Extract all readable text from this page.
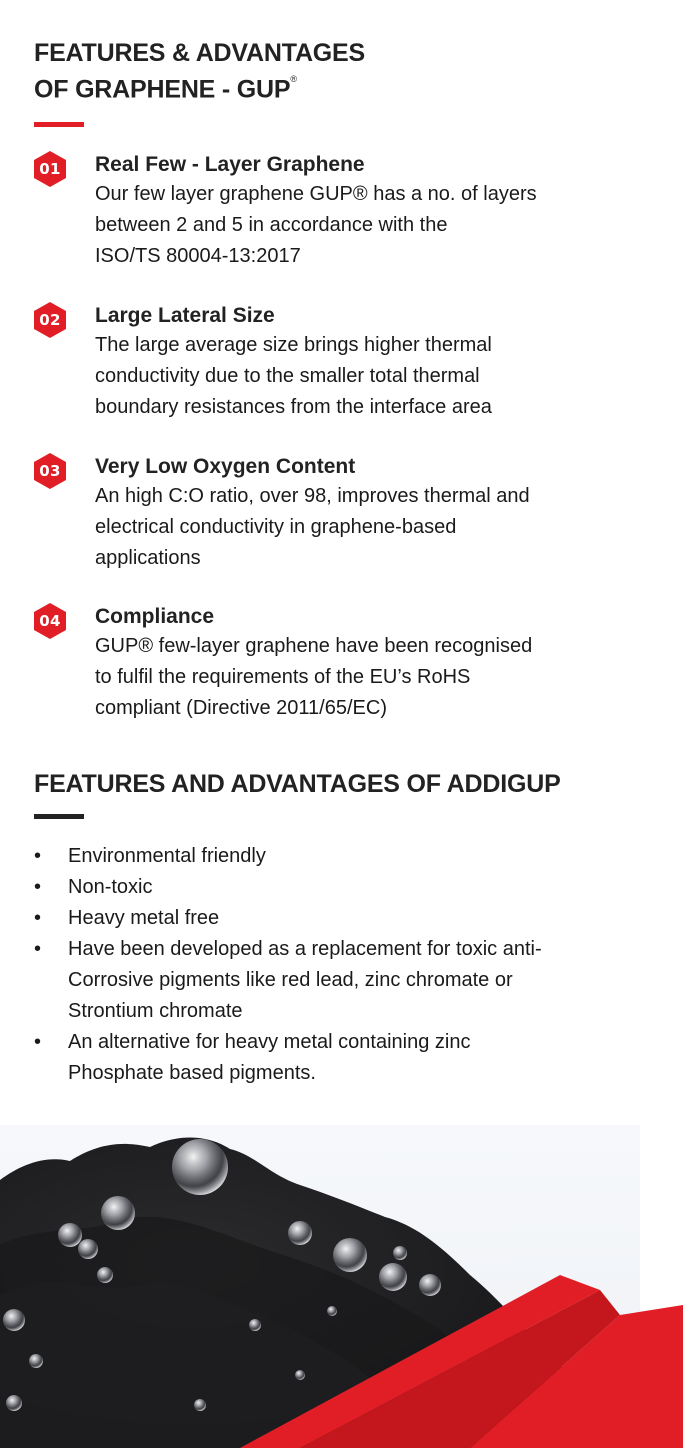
FEATURES & ADVANTAGES
OF GRAPHENE - GUP®
01 Real Few - Layer Graphene

Our few layer graphene GUP® has a no. of layers
between 2 and 5 in accordance with the
ISO/TS 80004-13:2017

02 Large Lateral Size

The large average size brings higher thermal
conductivity due to the smaller total thermal
boundary resistances from the interface area

03 Very Low Oxygen Content

An high C:O ratio, over 98, improves thermal and
electrical conductivity in graphene-based
applications

04 Compliance

GUP® few-layer graphene have been recognised
to fulfil the requirements of the EU’s RoHS
compliant (Directive 2011/65/EC)

FEATURES AND ADVANTAGES OF ADDIGUP
• Environmental friendly
• Non-toxic
• Heavy metal free
• Have been developed as a replacement for toxic anti-
Corrosive pigments like red lead, zinc chromate or
Strontium chromate
• An alternative for heavy metal containing zinc
Phosphate based pigments.
